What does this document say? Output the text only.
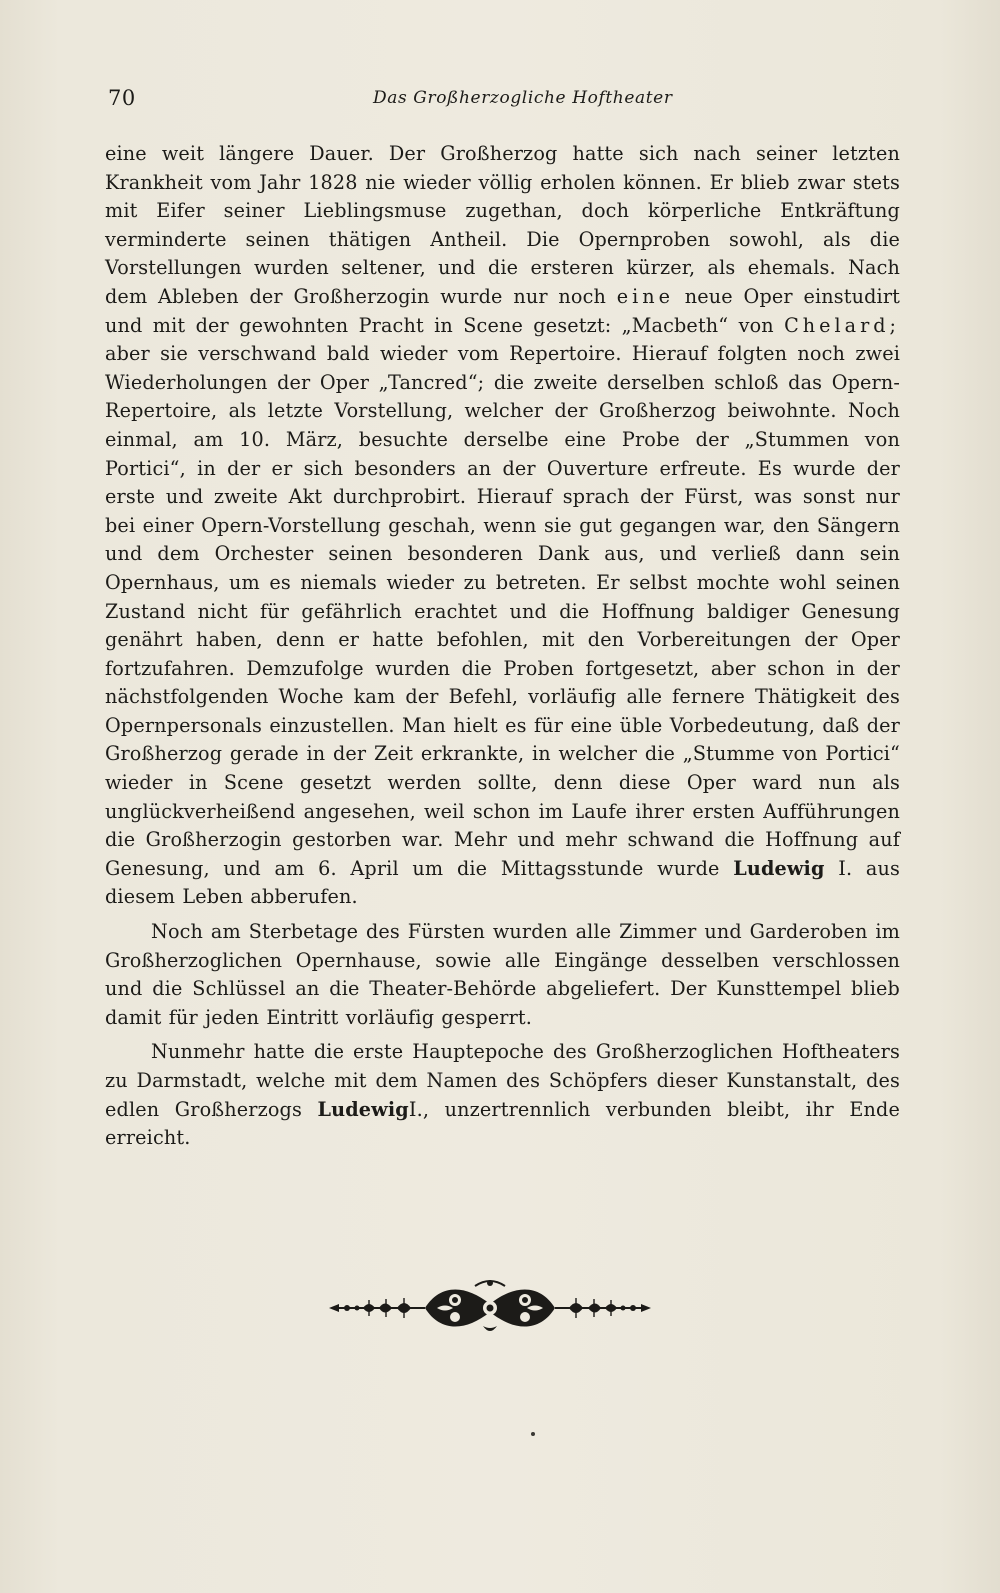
70	Das Großherzogliche Hoftheater

eine weit längere Dauer. Der Großherzog hatte sich nach seiner letzten Krankheit vom Jahr 1828 nie wieder völlig erholen können. Er blieb zwar stets mit Eifer seiner Lieblingsmuse zugethan, doch körperliche Entkräftung verminderte seinen thätigen Antheil. Die Opernproben sowohl, als die Vorstellungen wurden seltener, und die ersteren kürzer, als ehemals. Nach dem Ableben der Großherzogin wurde nur noch eine neue Oper einstudirt und mit der gewohnten Pracht in Scene gesetzt: „Macbeth“ von Chelard; aber sie verschwand bald wieder vom Repertoire. Hierauf folgten noch zwei Wiederholungen der Oper „Tancred“; die zweite derselben schloß das Opern-Repertoire, als letzte Vorstellung, welcher der Großherzog beiwohnte. Noch einmal, am 10. März, besuchte derselbe eine Probe der „Stummen von Portici“, in der er sich besonders an der Ouverture erfreute. Es wurde der erste und zweite Akt durchprobirt. Hierauf sprach der Fürst, was sonst nur bei einer Opern-Vorstellung geschah, wenn sie gut gegangen war, den Sängern und dem Orchester seinen besonderen Dank aus, und verließ dann sein Opernhaus, um es niemals wieder zu betreten. Er selbst mochte wohl seinen Zustand nicht für gefährlich erachtet und die Hoffnung baldiger Genesung genährt haben, denn er hatte befohlen, mit den Vorbereitungen der Oper fortzufahren. Demzufolge wurden die Proben fortgesetzt, aber schon in der nächstfolgenden Woche kam der Befehl, vorläufig alle fernere Thätigkeit des Opernpersonals einzustellen. Man hielt es für eine üble Vorbedeutung, daß der Großherzog gerade in der Zeit erkrankte, in welcher die „Stumme von Portici“ wieder in Scene gesetzt werden sollte, denn diese Oper ward nun als unglückverheißend angesehen, weil schon im Laufe ihrer ersten Aufführungen die Großherzogin gestorben war. Mehr und mehr schwand die Hoffnung auf Genesung, und am 6. April um die Mittagsstunde wurde Ludewig I. aus diesem Leben abberufen.

Noch am Sterbetage des Fürsten wurden alle Zimmer und Garderoben im Großherzoglichen Opernhause, sowie alle Eingänge desselben verschlossen und die Schlüssel an die Theater-Behörde abgeliefert. Der Kunsttempel blieb damit für jeden Eintritt vorläufig gesperrt.

Nunmehr hatte die erste Hauptepoche des Großherzoglichen Hoftheaters zu Darmstadt, welche mit dem Namen des Schöpfers dieser Kunstanstalt, des edlen Großherzogs LudewigI., unzertrennlich verbunden bleibt, ihr Ende erreicht.
